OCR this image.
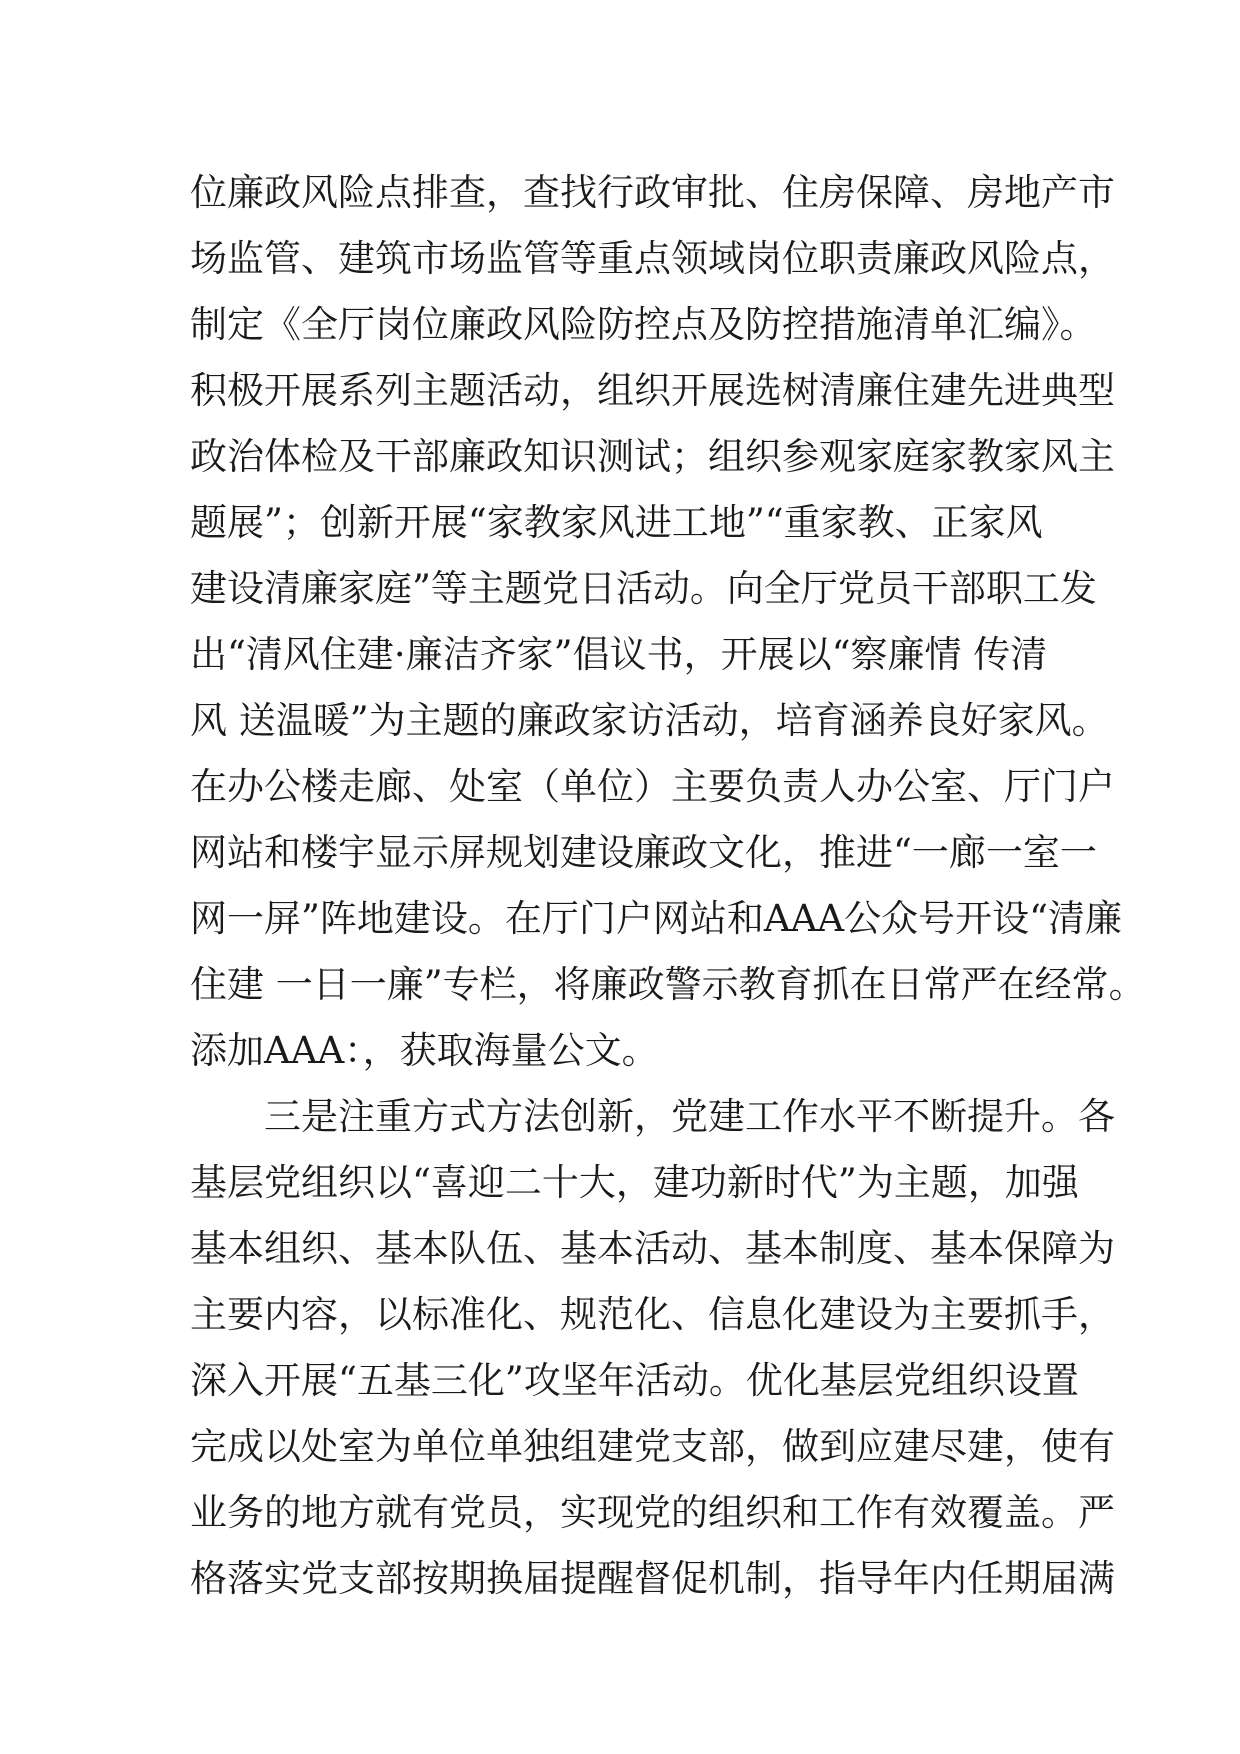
位廉政风险点排查，查找行政审批、住房保障、房地产市
场监管、建筑市场监管等重点领域岗位职责廉政风险点，
制定《全厅岗位廉政风险防控点及防控措施清单汇编》。
积极开展系列主题活动，组织开展选树清廉住建先进典型
政治体检及干部廉政知识测试；组织参观家庭家教家风主
题展”；创新开展“家教家风进工地”“重家教、正家风
建设清廉家庭”等主题党日活动。向全厅党员干部职工发
出“清风住建·廉洁齐家”倡议书，开展以“察廉情 传清
风 送温暖”为主题的廉政家访活动，培育涵养良好家风。
在办公楼走廊、处室（单位）主要负责人办公室、厅门户
网站和楼宇显示屏规划建设廉政文化，推进“一廊一室一
网一屏”阵地建设。在厅门户网站和AAA公众号开设“清廉
住建 一日一廉”专栏，将廉政警示教育抓在日常严在经常。
添加AAA：，获取海量公文。
　　三是注重方式方法创新，党建工作水平不断提升。各
基层党组织以“喜迎二十大，建功新时代”为主题，加强
基本组织、基本队伍、基本活动、基本制度、基本保障为
主要内容，以标准化、规范化、信息化建设为主要抓手，
深入开展“五基三化”攻坚年活动。优化基层党组织设置
完成以处室为单位单独组建党支部，做到应建尽建，使有
业务的地方就有党员，实现党的组织和工作有效覆盖。严
格落实党支部按期换届提醒督促机制，指导年内任期届满
